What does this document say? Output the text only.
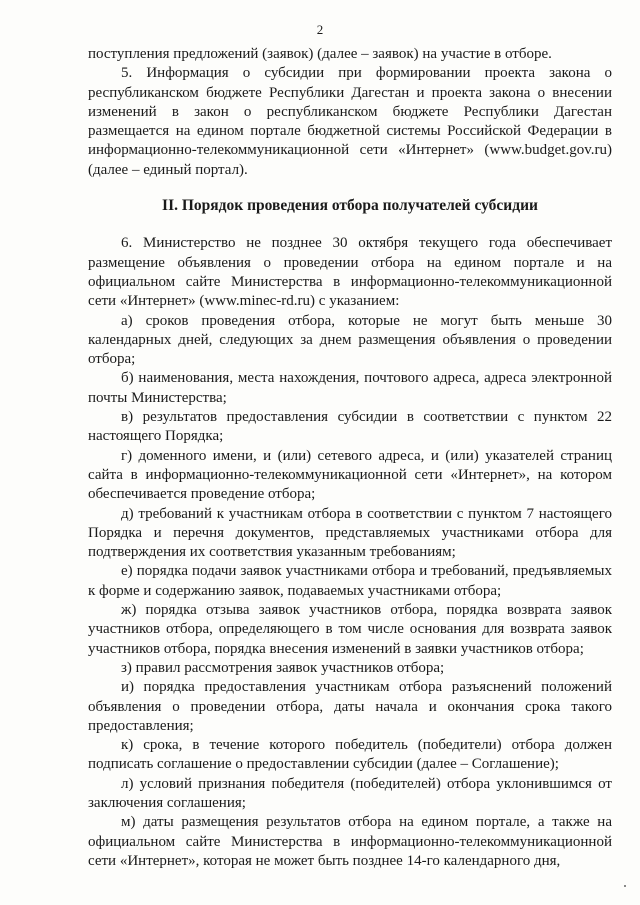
2

поступления предложений (заявок) (далее – заявок) на участие в отборе.

5. Информация о субсидии при формировании проекта закона о республиканском бюджете Республики Дагестан и проекта закона о внесении изменений в закон о республиканском бюджете Республики Дагестан размещается на едином портале бюджетной системы Российской Федерации в информационно-телекоммуникационной сети «Интернет» (www.budget.gov.ru) (далее – единый портал).

II. Порядок проведения отбора получателей субсидии

6. Министерство не позднее 30 октября текущего года обеспечивает размещение объявления о проведении отбора на едином портале и на официальном сайте Министерства в информационно-телекоммуникационной сети «Интернет» (www.minec-rd.ru) с указанием:

а) сроков проведения отбора, которые не могут быть меньше 30 календарных дней, следующих за днем размещения объявления о проведении отбора;

б) наименования, места нахождения, почтового адреса, адреса электронной почты Министерства;

в) результатов предоставления субсидии в соответствии с пунктом 22 настоящего Порядка;

г) доменного имени, и (или) сетевого адреса, и (или) указателей страниц сайта в информационно-телекоммуникационной сети «Интернет», на котором обеспечивается проведение отбора;

д) требований к участникам отбора в соответствии с пунктом 7 настоящего Порядка и перечня документов, представляемых участниками отбора для подтверждения их соответствия указанным требованиям;

е) порядка подачи заявок участниками отбора и требований, предъявляемых к форме и содержанию заявок, подаваемых участниками отбора;

ж) порядка отзыва заявок участников отбора, порядка возврата заявок участников отбора, определяющего в том числе основания для возврата заявок участников отбора, порядка внесения изменений в заявки участников отбора;

з) правил рассмотрения заявок участников отбора;

и) порядка предоставления участникам отбора разъяснений положений объявления о проведении отбора, даты начала и окончания срока такого предоставления;

к) срока, в течение которого победитель (победители) отбора должен подписать соглашение о предоставлении субсидии (далее – Соглашение);

л) условий признания победителя (победителей) отбора уклонившимся от заключения соглашения;

м) даты размещения результатов отбора на едином портале, а также на официальном сайте Министерства в информационно-телекоммуникационной сети «Интернет», которая не может быть позднее 14-го календарного дня,
